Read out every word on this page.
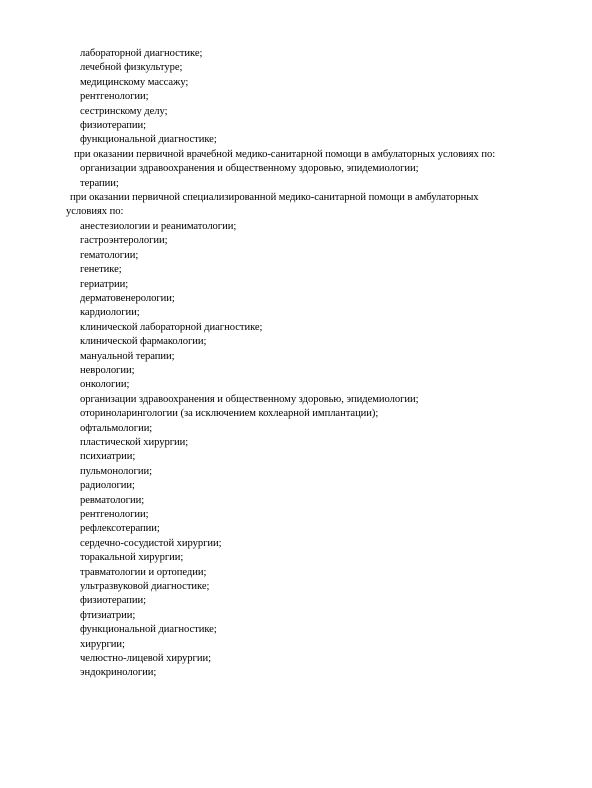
лабораторной диагностике;
лечебной физкультуре;
медицинскому массажу;
рентгенологии;
сестринскому делу;
физиотерапии;
функциональной диагностике;
при оказании первичной врачебной медико-санитарной помощи в амбулаторных условиях по:
организации здравоохранения и общественному здоровью, эпидемиологии;
терапии;
при оказании первичной специализированной медико-санитарной помощи в амбулаторных
условиях по:
анестезиологии и реаниматологии;
гастроэнтерологии;
гематологии;
генетике;
гериатрии;
дерматовенерологии;
кардиологии;
клинической лабораторной диагностике;
клинической фармакологии;
мануальной терапии;
неврологии;
онкологии;
организации здравоохранения и общественному здоровью, эпидемиологии;
оториноларингологии (за исключением кохлеарной имплантации);
офтальмологии;
пластической хирургии;
психиатрии;
пульмонологии;
радиологии;
ревматологии;
рентгенологии;
рефлексотерапии;
сердечно-сосудистой хирургии;
торакальной хирургии;
травматологии и ортопедии;
ультразвуковой диагностике;
физиотерапии;
фтизиатрии;
функциональной диагностике;
хирургии;
челюстно-лицевой хирургии;
эндокринологии;
